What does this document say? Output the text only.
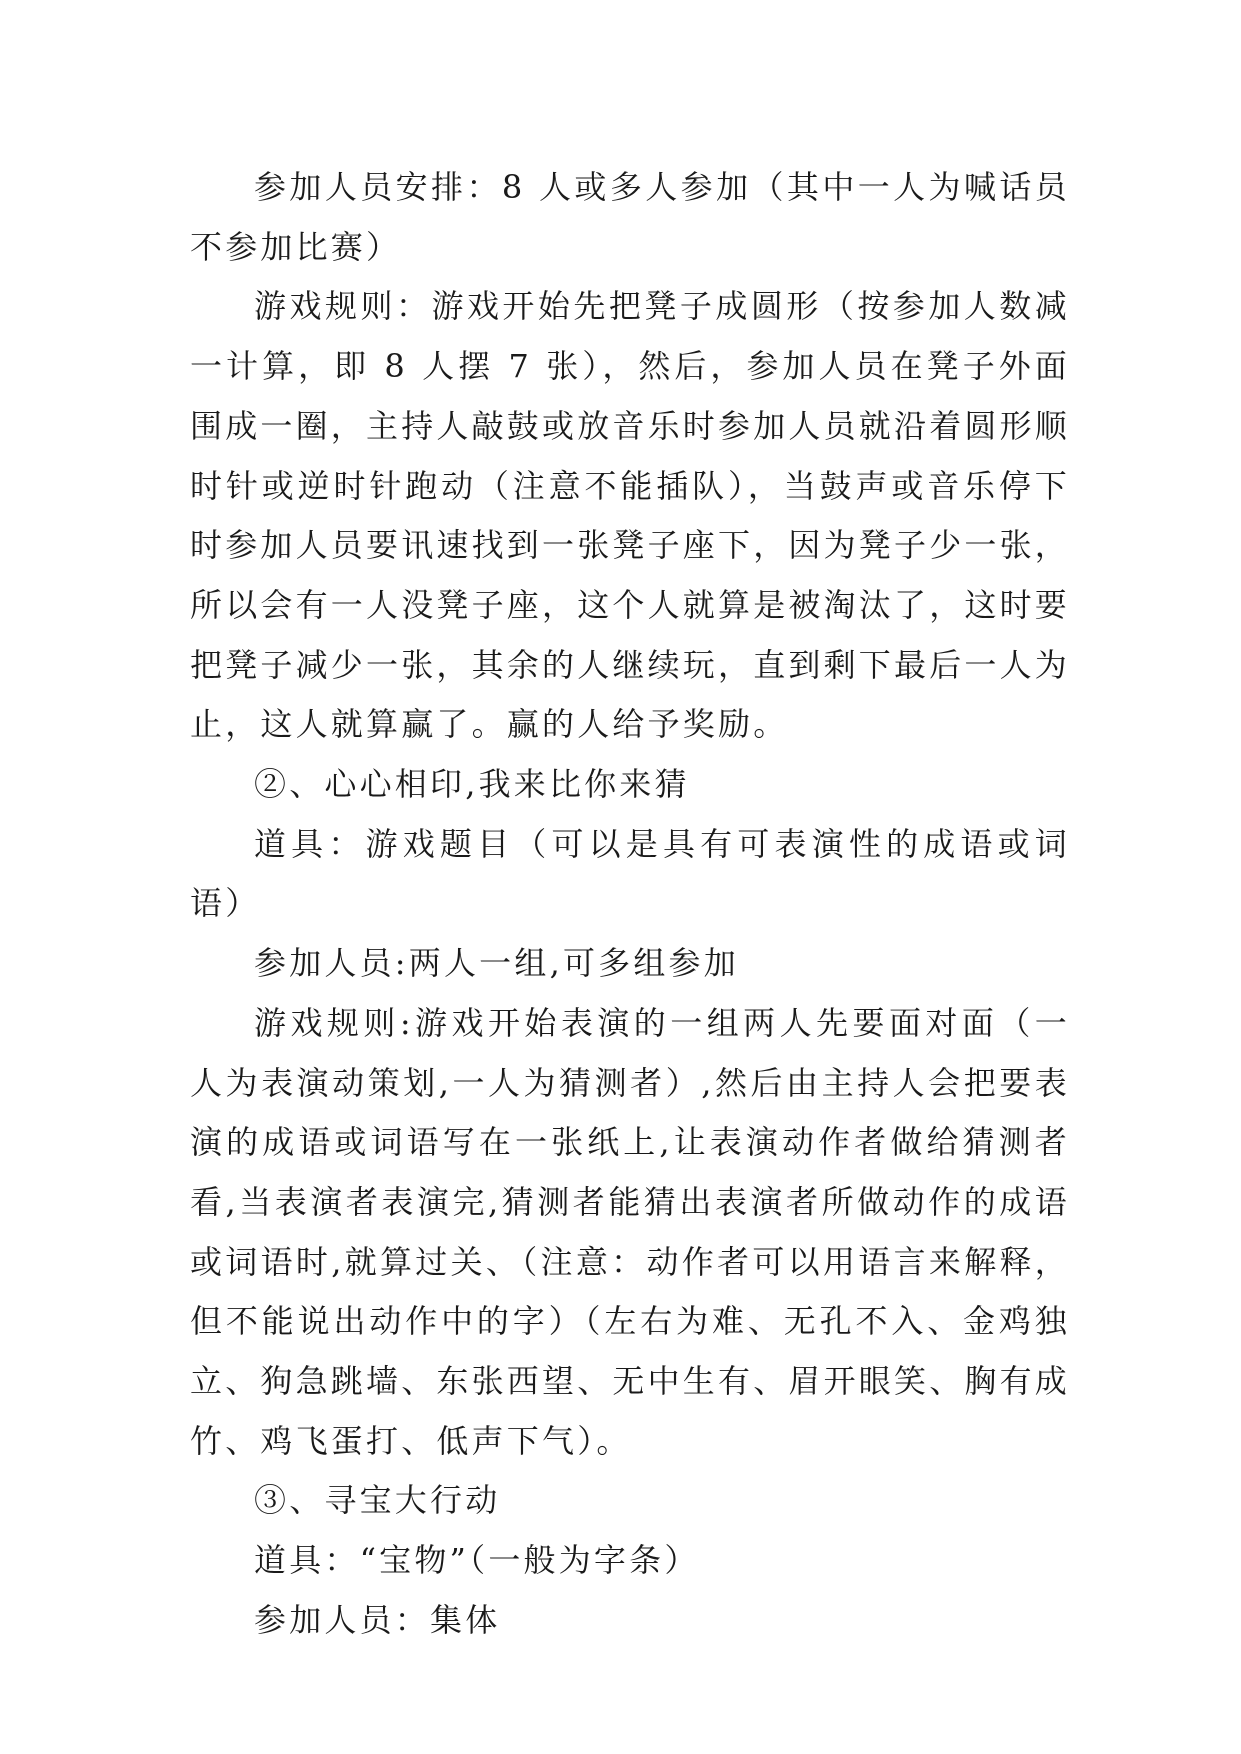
参加人员安排：8 人或多人参加（其中一人为喊话员不参加比赛）

游戏规则：游戏开始先把凳子成圆形（按参加人数减一计算，即 8 人摆 7 张），然后，参加人员在凳子外面围成一圈，主持人敲鼓或放音乐时参加人员就沿着圆形顺时针或逆时针跑动（注意不能插队），当鼓声或音乐停下时参加人员要讯速找到一张凳子座下，因为凳子少一张，所以会有一人没凳子座，这个人就算是被淘汰了，这时要把凳子减少一张，其余的人继续玩，直到剩下最后一人为止，这人就算赢了。赢的人给予奖励。

②、心心相印,我来比你来猜

道具：游戏题目（可以是具有可表演性的成语或词语）

参加人员:两人一组,可多组参加

游戏规则:游戏开始表演的一组两人先要面对面（一人为表演动策划,一人为猜测者）,然后由主持人会把要表演的成语或词语写在一张纸上,让表演动作者做给猜测者看,当表演者表演完,猜测者能猜出表演者所做动作的成语或词语时,就算过关、（注意：动作者可以用语言来解释，但不能说出动作中的字）（左右为难、无孔不入、金鸡独立、狗急跳墙、东张西望、无中生有、眉开眼笑、胸有成竹、鸡飞蛋打、低声下气）。

③、寻宝大行动

道具：“宝物”（一般为字条）

参加人员：集体
